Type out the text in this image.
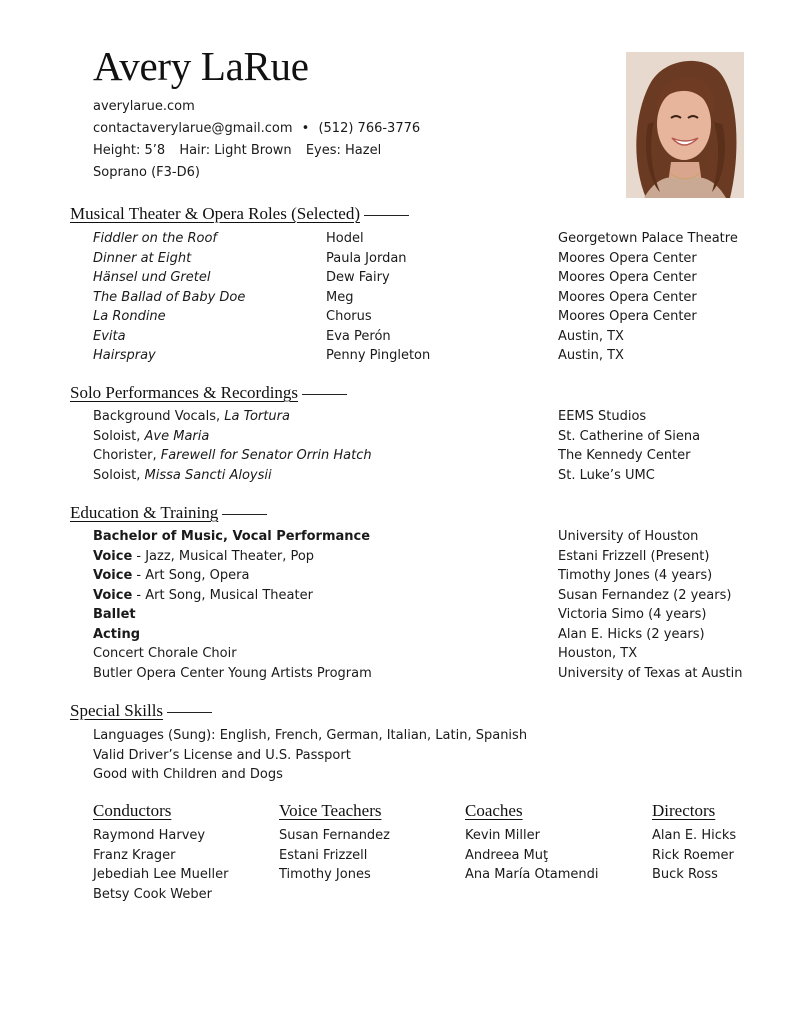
Avery LaRue
averylarue.com
contactaverylarue@gmail.com • (512) 766-3776
Height: 5’8 Hair: Light Brown Eyes: Hazel
Soprano (F3-D6)
Musical Theater & Opera Roles (Selected)
Fiddler on the Roof	Hodel	Georgetown Palace Theatre
Dinner at Eight	Paula Jordan	Moores Opera Center
Hänsel und Gretel	Dew Fairy	Moores Opera Center
The Ballad of Baby Doe	Meg	Moores Opera Center
La Rondine	Chorus	Moores Opera Center
Evita	Eva Perón	Austin, TX
Hairspray	Penny Pingleton	Austin, TX
Solo Performances & Recordings
Background Vocals, La Tortura	EEMS Studios
Soloist, Ave Maria	St. Catherine of Siena
Chorister, Farewell for Senator Orrin Hatch	The Kennedy Center
Soloist, Missa Sancti Aloysii	St. Luke’s UMC
Education & Training
Bachelor of Music, Vocal Performance	University of Houston
Voice - Jazz, Musical Theater, Pop	Estani Frizzell (Present)
Voice - Art Song, Opera	Timothy Jones (4 years)
Voice - Art Song, Musical Theater	Susan Fernandez (2 years)
Ballet	Victoria Simo (4 years)
Acting	Alan E. Hicks (2 years)
Concert Chorale Choir	Houston, TX
Butler Opera Center Young Artists Program	University of Texas at Austin
Special Skills
Languages (Sung): English, French, German, Italian, Latin, Spanish
Valid Driver’s License and U.S. Passport
Good with Children and Dogs
Conductors
Raymond Harvey
Franz Krager
Jebediah Lee Mueller
Betsy Cook Weber
Voice Teachers
Susan Fernandez
Estani Frizzell
Timothy Jones
Coaches
Kevin Miller
Andreea Muţ
Ana María Otamendi
Directors
Alan E. Hicks
Rick Roemer
Buck Ross
